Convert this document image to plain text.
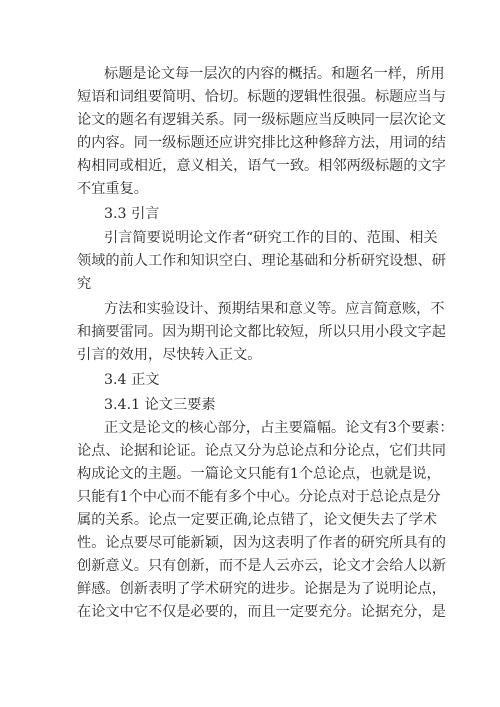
标题是论文每一层次的内容的概括。和题名一样，所用
短语和词组要简明、恰切。标题的逻辑性很强。标题应当与
论文的题名有逻辑关系。同一级标题应当反映同一层次论文
的内容。同一级标题还应讲究排比这种修辞方法，用词的结
构相同或相近，意义相关，语气一致。相邻两级标题的文字
不宜重复。
3.3 引言
引言简要说明论文作者“研究工作的目的、范围、相关
领域的前人工作和知识空白、理论基础和分析研究设想、研
究
方法和实验设计、预期结果和意义等。应言简意赅，不
和摘要雷同。因为期刊论文都比较短，所以只用小段文字起
引言的效用，尽快转入正文。
3.4 正文
3.4.1 论文三要素
正文是论文的核心部分，占主要篇幅。论文有3个要素：
论点、论据和论证。论点又分为总论点和分论点，它们共同
构成论文的主题。一篇论文只能有1个总论点，也就是说，
只能有1个中心而不能有多个中心。分论点对于总论点是分
属的关系。论点一定要正确,论点错了，论文便失去了学术
性。论点要尽可能新颖，因为这表明了作者的研究所具有的
创新意义。只有创新，而不是人云亦云，论文才会给人以新
鲜感。创新表明了学术研究的进步。论据是为了说明论点，
在论文中它不仅是必要的，而且一定要充分。论据充分，是
